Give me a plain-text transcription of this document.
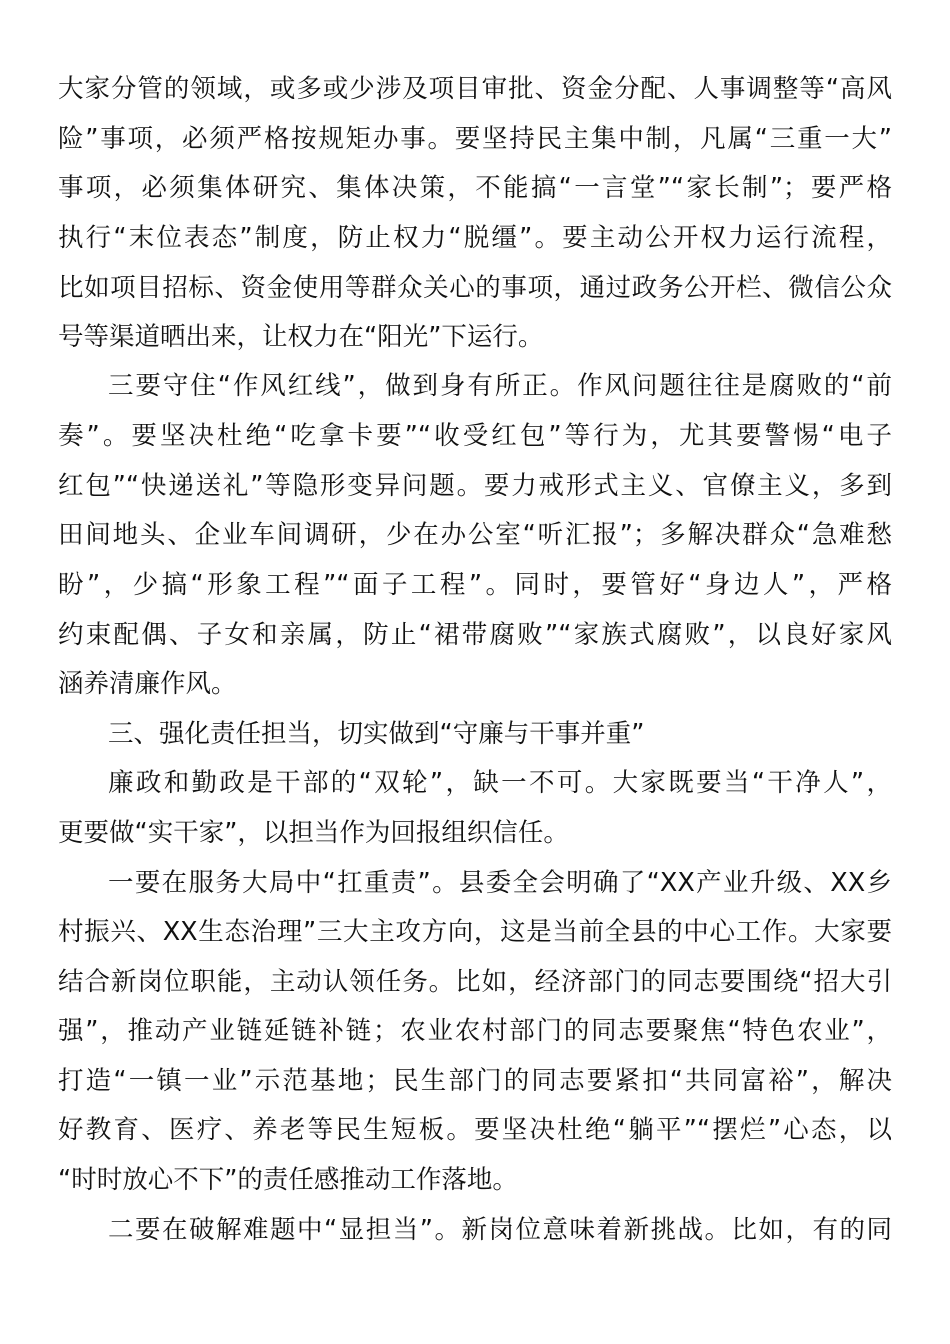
大家分管的领域，或多或少涉及项目审批、资金分配、人事调整等“高风
险”事项，必须严格按规矩办事。要坚持民主集中制，凡属“三重一大”
事项，必须集体研究、集体决策，不能搞“一言堂”“家长制”；要严格
执行“末位表态”制度，防止权力“脱缰”。要主动公开权力运行流程，
比如项目招标、资金使用等群众关心的事项，通过政务公开栏、微信公众
号等渠道晒出来，让权力在“阳光”下运行。
三要守住“作风红线”，做到身有所正。作风问题往往是腐败的“前
奏”。要坚决杜绝“吃拿卡要”“收受红包”等行为，尤其要警惕“电子
红包”“快递送礼”等隐形变异问题。要力戒形式主义、官僚主义，多到
田间地头、企业车间调研，少在办公室“听汇报”；多解决群众“急难愁
盼”，少搞“形象工程”“面子工程”。同时，要管好“身边人”，严格
约束配偶、子女和亲属，防止“裙带腐败”“家族式腐败”，以良好家风
涵养清廉作风。
三、强化责任担当，切实做到“守廉与干事并重”
廉政和勤政是干部的“双轮”，缺一不可。大家既要当“干净人”，
更要做“实干家”，以担当作为回报组织信任。
一要在服务大局中“扛重责”。县委全会明确了“XX产业升级、XX乡
村振兴、XX生态治理”三大主攻方向，这是当前全县的中心工作。大家要
结合新岗位职能，主动认领任务。比如，经济部门的同志要围绕“招大引
强”，推动产业链延链补链；农业农村部门的同志要聚焦“特色农业”，
打造“一镇一业”示范基地；民生部门的同志要紧扣“共同富裕”，解决
好教育、医疗、养老等民生短板。要坚决杜绝“躺平”“摆烂”心态，以
“时时放心不下”的责任感推动工作落地。
二要在破解难题中“显担当”。新岗位意味着新挑战。比如，有的同
